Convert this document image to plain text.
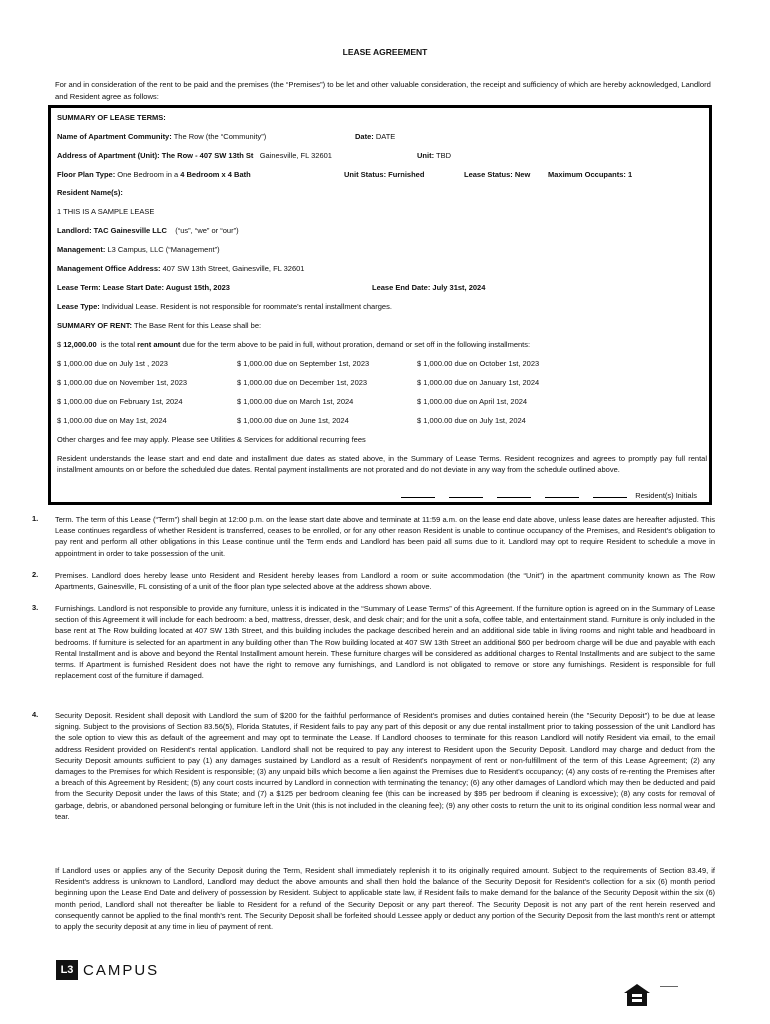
LEASE AGREEMENT
For and in consideration of the rent to be paid and the premises (the “Premises”) to be let and other valuable consideration, the receipt and sufficiency of which are hereby acknowledged, Landlord and Resident agree as follows:
SUMMARY OF LEASE TERMS:
Name of Apartment Community: The Row (the “Community”)	Date: DATE
Address of Apartment (Unit): The Row - 407 SW 13th St Gainesville, FL 32601	Unit: TBD
Floor Plan Type: One Bedroom in a 4 Bedroom x 4 Bath	Unit Status: Furnished	Lease Status: New Maximum Occupants: 1
Resident Name(s):
1 THIS IS A SAMPLE LEASE
Landlord: TAC Gainesville LLC (“us”, “we” or “our”)
Management: L3 Campus, LLC (“Management”)
Management Office Address: 407 SW 13th Street, Gainesville, FL 32601
Lease Term: Lease Start Date: August 15th, 2023	Lease End Date: July 31st, 2024
Lease Type: Individual Lease. Resident is not responsible for roommate’s rental installment charges.
SUMMARY OF RENT: The Base Rent for this Lease shall be:
$ 12,000.00 is the total rent amount due for the term above to be paid in full, without proration, demand or set off in the following installments:
$ 1,000.00 due on July 1st , 2023	$ 1,000.00 due on September 1st, 2023	$ 1,000.00 due on October 1st, 2023
$ 1,000.00 due on November 1st, 2023	$ 1,000.00 due on December 1st, 2023	$ 1,000.00 due on January 1st, 2024
$ 1,000.00 due on February 1st, 2024	$ 1,000.00 due on March 1st, 2024	$ 1,000.00 due on April 1st, 2024
$ 1,000.00 due on May 1st, 2024	$ 1,000.00 due on June 1st, 2024	$ 1,000.00 due on July 1st, 2024
Other charges and fee may apply. Please see Utilities & Services for additional recurring fees
Resident understands the lease start and end date and installment due dates as stated above, in the Summary of Lease Terms. Resident recognizes and agrees to promptly pay full rental installment amounts on or before the scheduled due dates. Rental payment installments are not prorated and do not deviate in any way from the schedule outlined above.
Resident(s) Initials
1. Term. The term of this Lease (“Term”) shall begin at 12:00 p.m. on the lease start date above and terminate at 11:59 a.m. on the lease end date above, unless lease dates are hereafter adjusted. This Lease continues regardless of whether Resident is transferred, ceases to be enrolled, or for any other reason Resident is unable to continue occupancy of the Premises, and Resident’s obligation to pay rent and perform all other obligations in this Lease continue until the Term ends and Landlord has been paid all sums due to it. Landlord may opt to require Resident to schedule a move in appointment in order to take possession of the unit.
2. Premises. Landlord does hereby lease unto Resident and Resident hereby leases from Landlord a room or suite accommodation (the “Unit”) in the apartment community known as The Row Apartments, Gainesville, FL consisting of a unit of the floor plan type selected above at the address shown above.
3. Furnishings. Landlord is not responsible to provide any furniture, unless it is indicated in the “Summary of Lease Terms” of this Agreement. If the furniture option is agreed on in the Summary of Lease section of this Agreement it will include for each bedroom: a bed, mattress, dresser, desk, and desk chair; and for the unit a sofa, coffee table, and entertainment stand. Furniture is only included in the base rent at The Row building located at 407 SW 13th Street, and this building includes the package described herein and an additional side table in living rooms and night table and headboard in bedrooms. If furniture is selected for an apartment in any building other than The Row building located at 407 SW 13th Street an additional $60 per bedroom charge will be due and payable with each Rental Installment and is above and beyond the Rental Installment amount herein. These furniture charges will be considered as additional charges to Rental Installments and are subject to the same terms. If Apartment is furnished Resident does not have the right to remove any furnishings, and Landlord is not obligated to remove or store any furnishings. Resident is responsible for full replacement cost of the furniture if damaged.
4. Security Deposit. Resident shall deposit with Landlord the sum of $200 for the faithful performance of Resident's promises and duties contained herein (the "Security Deposit") to be due at lease signing. Subject to the provisions of Section 83.56(5), Florida Statutes, if Resident fails to pay any part of this deposit or any due rental installment prior to taking possession of the unit Landlord has the sole option to view this as default of the agreement and may opt to terminate the Lease. If Landlord chooses to terminate for this reason Landlord will notify Resident via email, to the email address Resident provided on Resident's rental application. Landlord shall not be required to pay any interest to Resident upon the Security Deposit. Landlord may charge and deduct from the Security Deposit amounts sufficient to pay (1) any damages sustained by Landlord as a result of Resident's nonpayment of rent or non-fulfillment of the term of this Lease Agreement; (2) any damages to the Premises for which Resident is responsible; (3) any unpaid bills which become a lien against the Premises due to Resident's occupancy; (4) any costs of re-renting the Premises after a breach of this Agreement by Resident; (5) any court costs incurred by Landlord in connection with terminating the tenancy; (6) any other damages of Landlord which may then be deducted and paid from the Security Deposit under the laws of this State; and (7) a $125 per bedroom cleaning fee (this can be increased by $95 per bedroom if cleaning is excessive); (8) any costs for removal of garbage, debris, or abandoned personal belonging or furniture left in the Unit (this is not included in the cleaning fee); (9) any other costs to return the unit to its original condition less normal wear and tear.
If Landlord uses or applies any of the Security Deposit during the Term, Resident shall immediately replenish it to its originally required amount. Subject to the requirements of Section 83.49, if Resident's address is unknown to Landlord, Landlord may deduct the above amounts and shall then hold the balance of the Security Deposit for Resident's collection for a six (6) month period beginning upon the Lease End Date and delivery of possession by Resident. Subject to applicable state law, if Resident fails to make demand for the balance of the Security Deposit within the six (6) month period, Landlord shall not thereafter be liable to Resident for a refund of the Security Deposit or any part thereof. The Security Deposit is not any part of the rent herein reserved and consequently cannot be applied to the final month's rent. The Security Deposit shall be forfeited should Lessee apply or deduct any portion of the Security Deposit from the last month's rent or attempt to apply the security deposit at any time in lieu of payment of rent.
L3 CAMPUS
